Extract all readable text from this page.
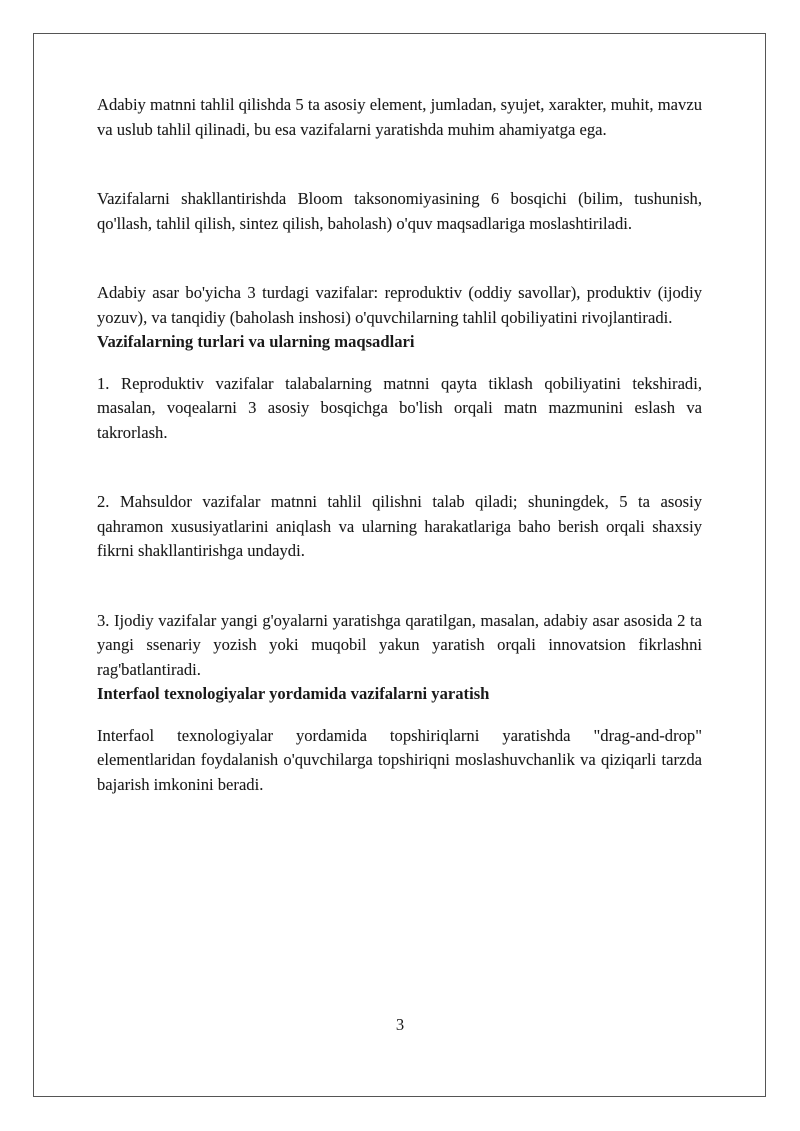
Adabiy matnni tahlil qilishda 5 ta asosiy element, jumladan, syujet, xarakter, muhit, mavzu va uslub tahlil qilinadi, bu esa vazifalarni yaratishda muhim ahamiyatga ega.

Vazifalarni shakllantirishda Bloom taksonomiyasining 6 bosqichi (bilim, tushunish, qo'llash, tahlil qilish, sintez qilish, baholash) o'quv maqsadlariga moslashtiriladi.

Adabiy asar bo'yicha 3 turdagi vazifalar: reproduktiv (oddiy savollar), produktiv (ijodiy yozuv), va tanqidiy (baholash inshosi) o'quvchilarning tahlil qobiliyatini rivojlantiradi.

Vazifalarning turlari va ularning maqsadlari

1. Reproduktiv vazifalar talabalarning matnni qayta tiklash qobiliyatini tekshiradi, masalan, voqealarni 3 asosiy bosqichga bo'lish orqali matn mazmunini eslash va takrorlash.

2. Mahsuldor vazifalar matnni tahlil qilishni talab qiladi; shuningdek, 5 ta asosiy qahramon xususiyatlarini aniqlash va ularning harakatlariga baho berish orqali shaxsiy fikrni shakllantirishga undaydi.

3. Ijodiy vazifalar yangi g'oyalarni yaratishga qaratilgan, masalan, adabiy asar asosida 2 ta yangi ssenariy yozish yoki muqobil yakun yaratish orqali innovatsion fikrlashni rag'batlantiradi.

Interfaol texnologiyalar yordamida vazifalarni yaratish

Interfaol texnologiyalar yordamida topshiriqlarni yaratishda "drag-and-drop" elementlaridan foydalanish o'quvchilarga topshiriqni moslashuvchanlik va qiziqarli tarzda bajarish imkonini beradi.

3
